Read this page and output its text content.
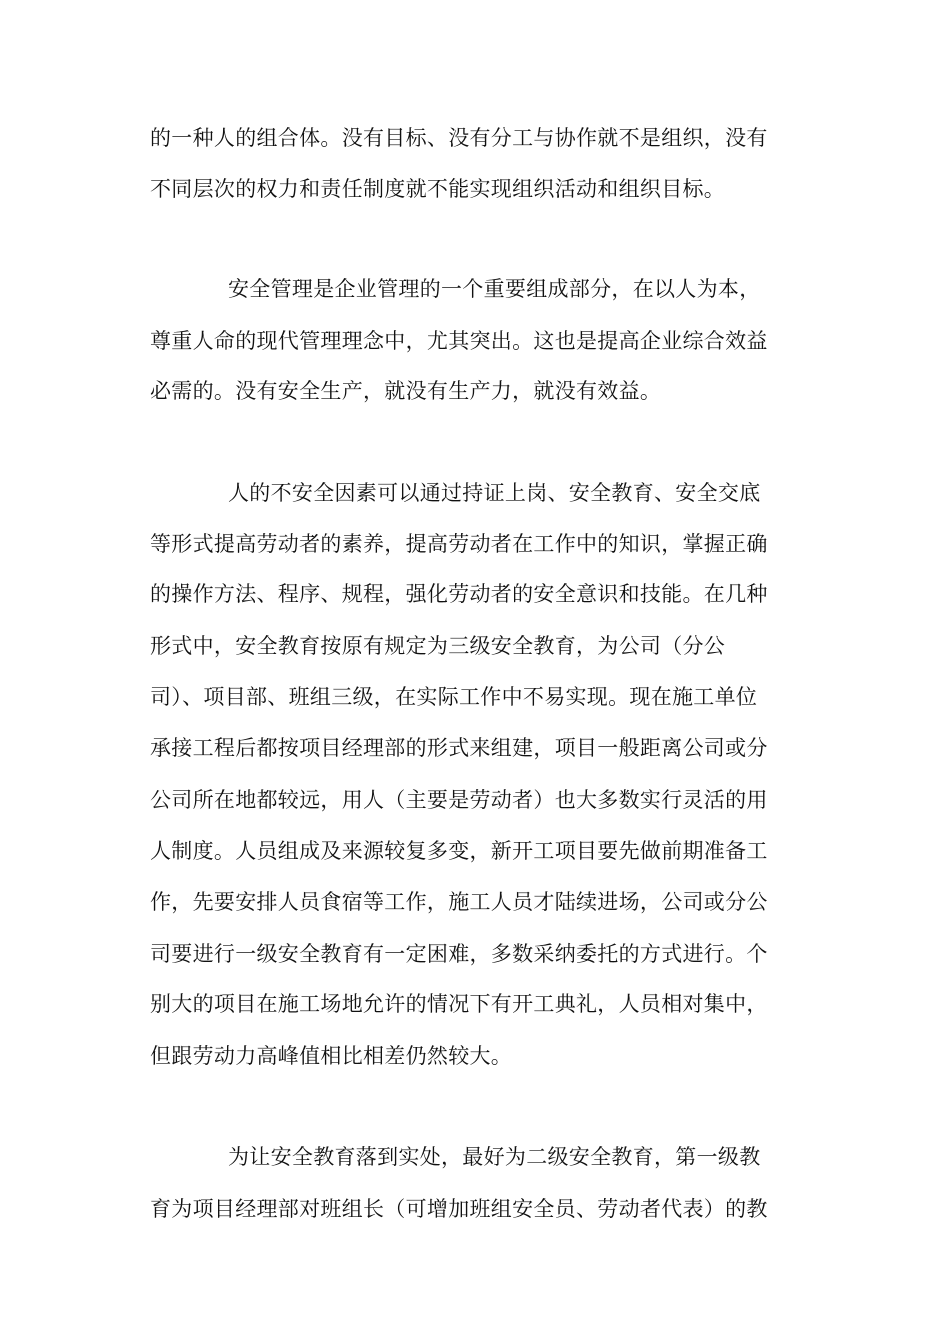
的一种人的组合体。没有目标、没有分工与协作就不是组织，没有
不同层次的权力和责任制度就不能实现组织活动和组织目标。
安全管理是企业管理的一个重要组成部分，在以人为本，
尊重人命的现代管理理念中，尤其突出。这也是提高企业综合效益
必需的。没有安全生产，就没有生产力，就没有效益。
人的不安全因素可以通过持证上岗、安全教育、安全交底
等形式提高劳动者的素养，提高劳动者在工作中的知识，掌握正确
的操作方法、程序、规程，强化劳动者的安全意识和技能。在几种
形式中，安全教育按原有规定为三级安全教育，为公司（分公
司）、项目部、班组三级，在实际工作中不易实现。现在施工单位
承接工程后都按项目经理部的形式来组建，项目一般距离公司或分
公司所在地都较远，用人（主要是劳动者）也大多数实行灵活的用
人制度。人员组成及来源较复多变，新开工项目要先做前期准备工
作，先要安排人员食宿等工作，施工人员才陆续进场，公司或分公
司要进行一级安全教育有一定困难，多数采纳委托的方式进行。个
别大的项目在施工场地允许的情况下有开工典礼，人员相对集中，
但跟劳动力高峰值相比相差仍然较大。
为让安全教育落到实处，最好为二级安全教育，第一级教
育为项目经理部对班组长（可增加班组安全员、劳动者代表）的教
